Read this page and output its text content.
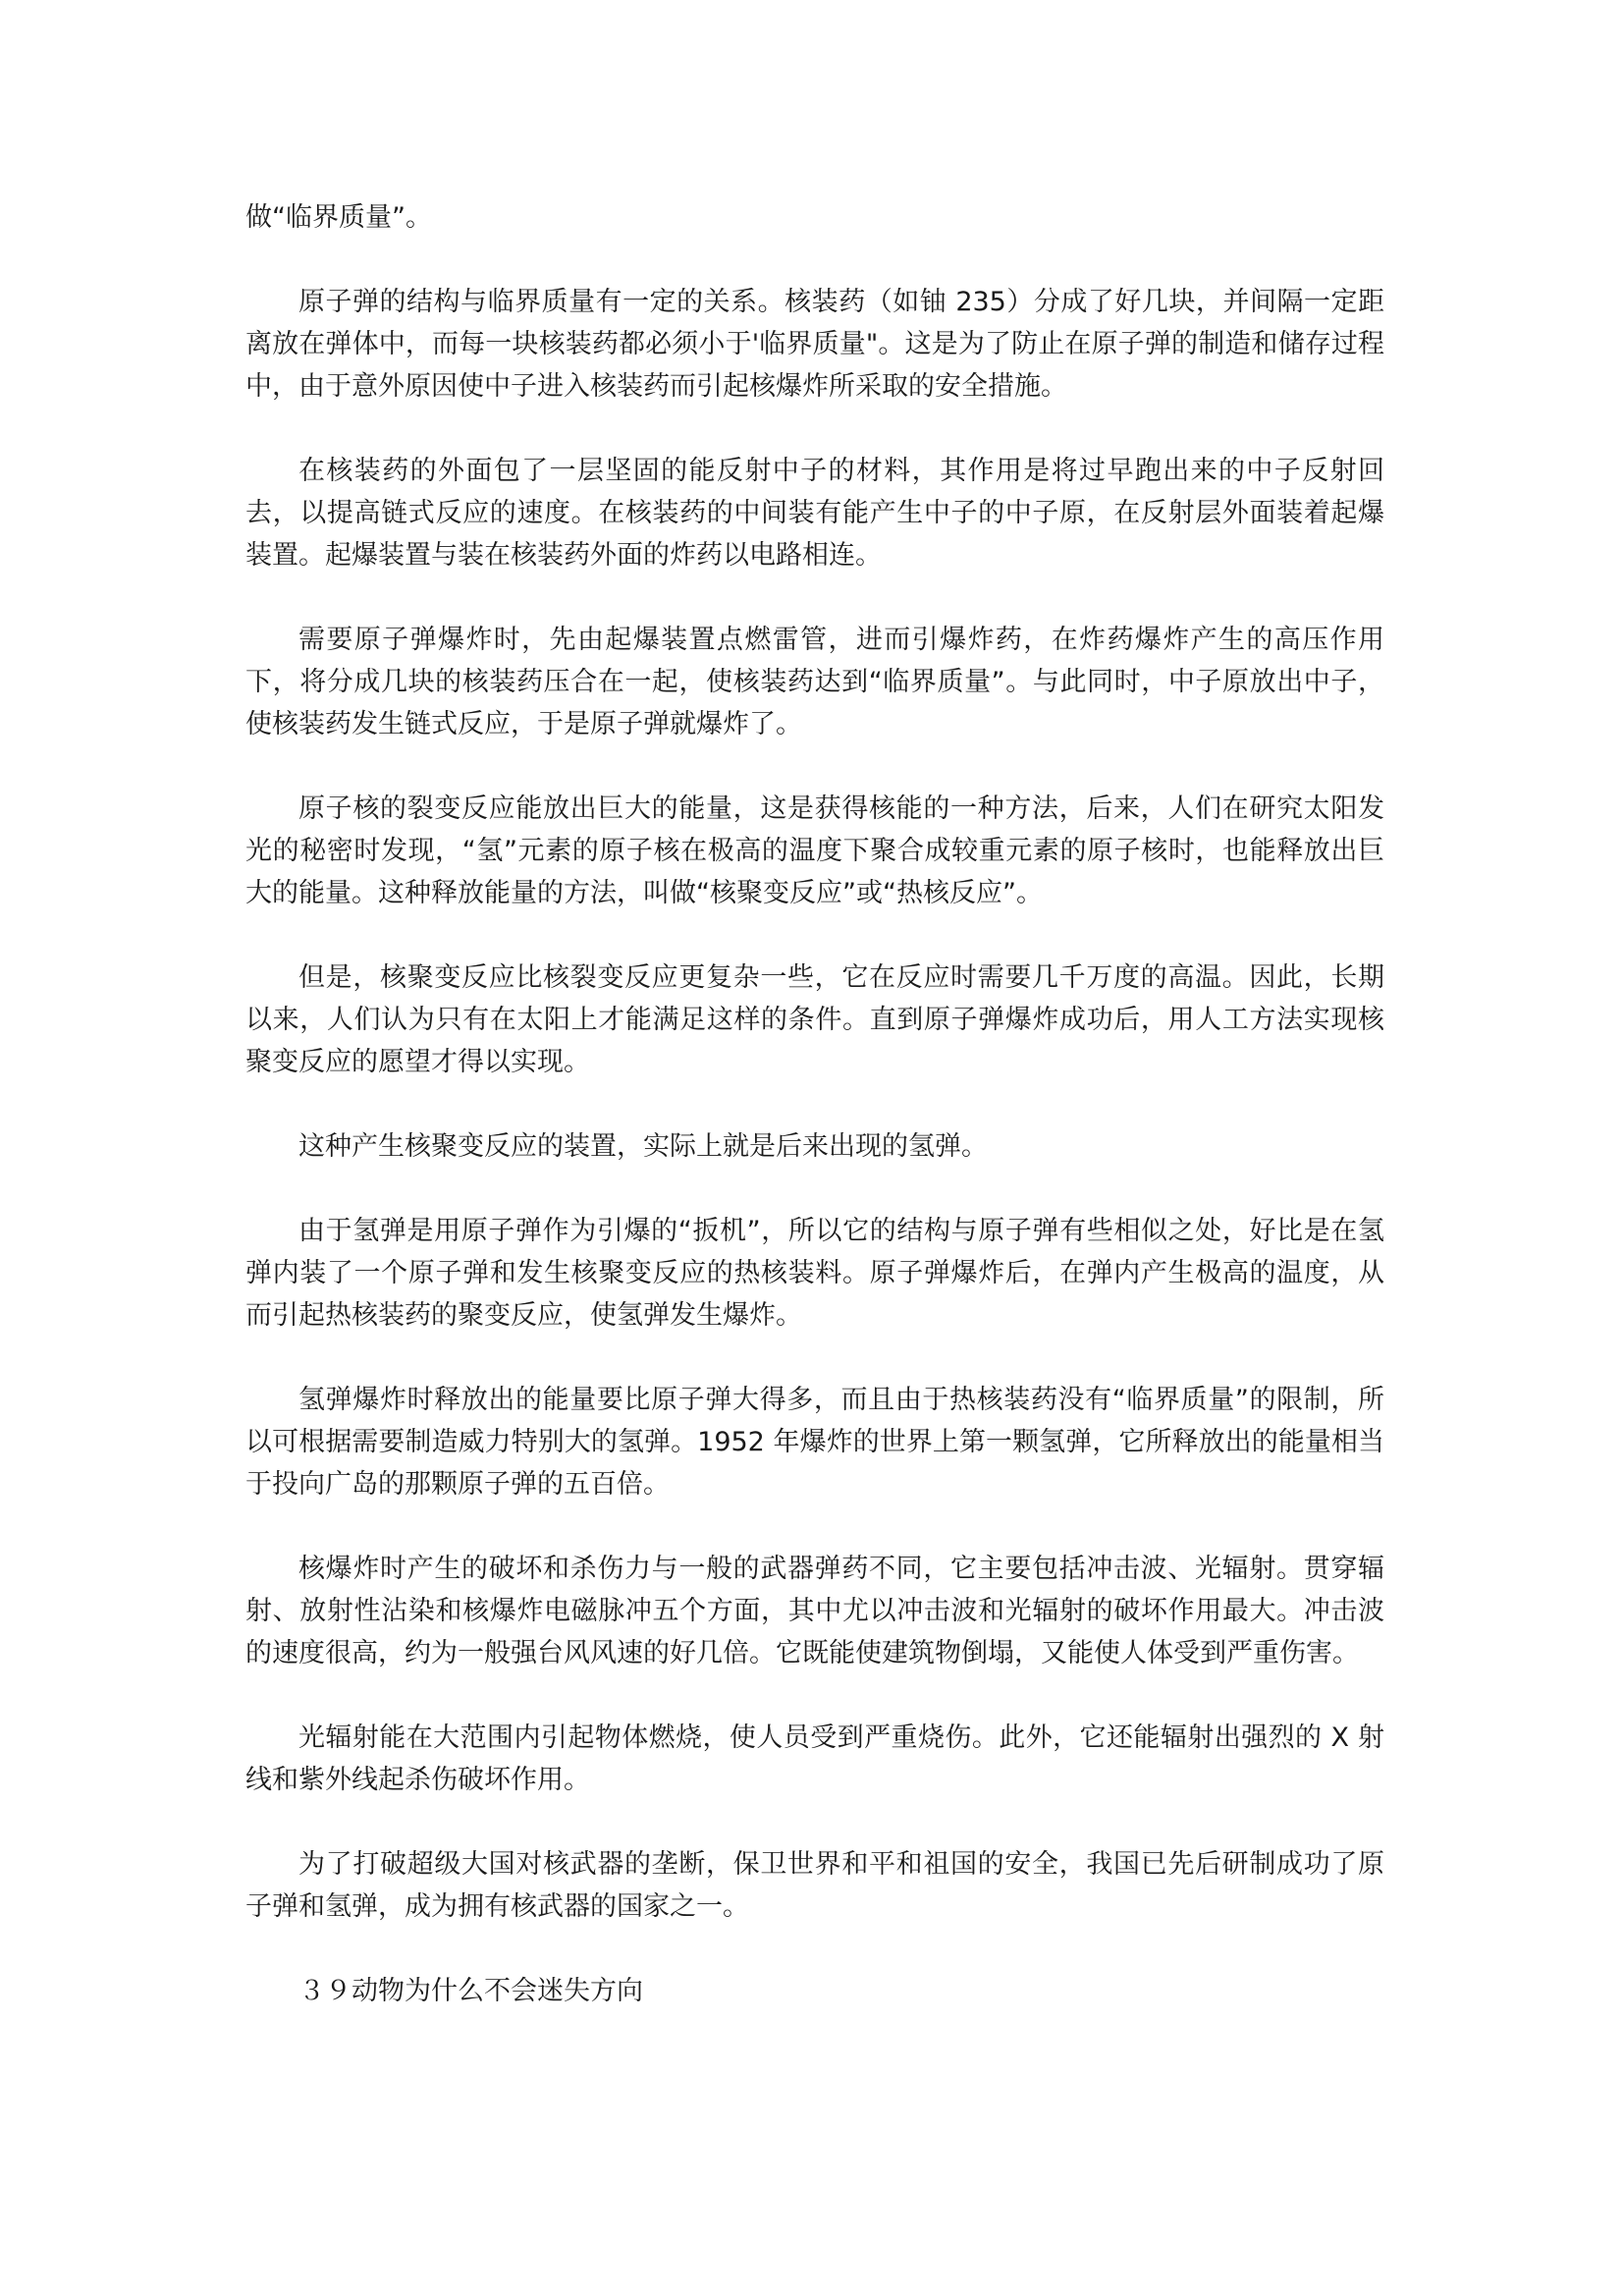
做“临界质量”。

原子弹的结构与临界质量有一定的关系。核装药（如铀 235）分成了好几块，并间隔一定距离放在弹体中，而每一块核装药都必须小于'临界质量"。这是为了防止在原子弹的制造和储存过程中，由于意外原因使中子进入核装药而引起核爆炸所采取的安全措施。

在核装药的外面包了一层坚固的能反射中子的材料，其作用是将过早跑出来的中子反射回去，以提高链式反应的速度。在核装药的中间装有能产生中子的中子原，在反射层外面装着起爆装置。起爆装置与装在核装药外面的炸药以电路相连。

需要原子弹爆炸时，先由起爆装置点燃雷管，进而引爆炸药，在炸药爆炸产生的高压作用下，将分成几块的核装药压合在一起，使核装药达到“临界质量”。与此同时，中子原放出中子，使核装药发生链式反应，于是原子弹就爆炸了。

原子核的裂变反应能放出巨大的能量，这是获得核能的一种方法，后来，人们在研究太阳发光的秘密时发现，“氢”元素的原子核在极高的温度下聚合成较重元素的原子核时，也能释放出巨大的能量。这种释放能量的方法，叫做“核聚变反应”或“热核反应”。

但是，核聚变反应比核裂变反应更复杂一些，它在反应时需要几千万度的高温。因此，长期以来，人们认为只有在太阳上才能满足这样的条件。直到原子弹爆炸成功后，用人工方法实现核聚变反应的愿望才得以实现。

这种产生核聚变反应的装置，实际上就是后来出现的氢弹。

由于氢弹是用原子弹作为引爆的“扳机”，所以它的结构与原子弹有些相似之处，好比是在氢弹内装了一个原子弹和发生核聚变反应的热核装料。原子弹爆炸后，在弹内产生极高的温度，从而引起热核装药的聚变反应，使氢弹发生爆炸。

氢弹爆炸时释放出的能量要比原子弹大得多，而且由于热核装药没有“临界质量”的限制，所以可根据需要制造威力特别大的氢弹。1952 年爆炸的世界上第一颗氢弹，它所释放出的能量相当于投向广岛的那颗原子弹的五百倍。

核爆炸时产生的破坏和杀伤力与一般的武器弹药不同，它主要包括冲击波、光辐射。贯穿辐射、放射性沾染和核爆炸电磁脉冲五个方面，其中尤以冲击波和光辐射的破坏作用最大。冲击波的速度很高，约为一般强台风风速的好几倍。它既能使建筑物倒塌，又能使人体受到严重伤害。

光辐射能在大范围内引起物体燃烧，使人员受到严重烧伤。此外，它还能辐射出强烈的 X 射线和紫外线起杀伤破坏作用。

为了打破超级大国对核武器的垄断，保卫世界和平和祖国的安全，我国已先后研制成功了原子弹和氢弹，成为拥有核武器的国家之一。

３９动物为什么不会迷失方向
